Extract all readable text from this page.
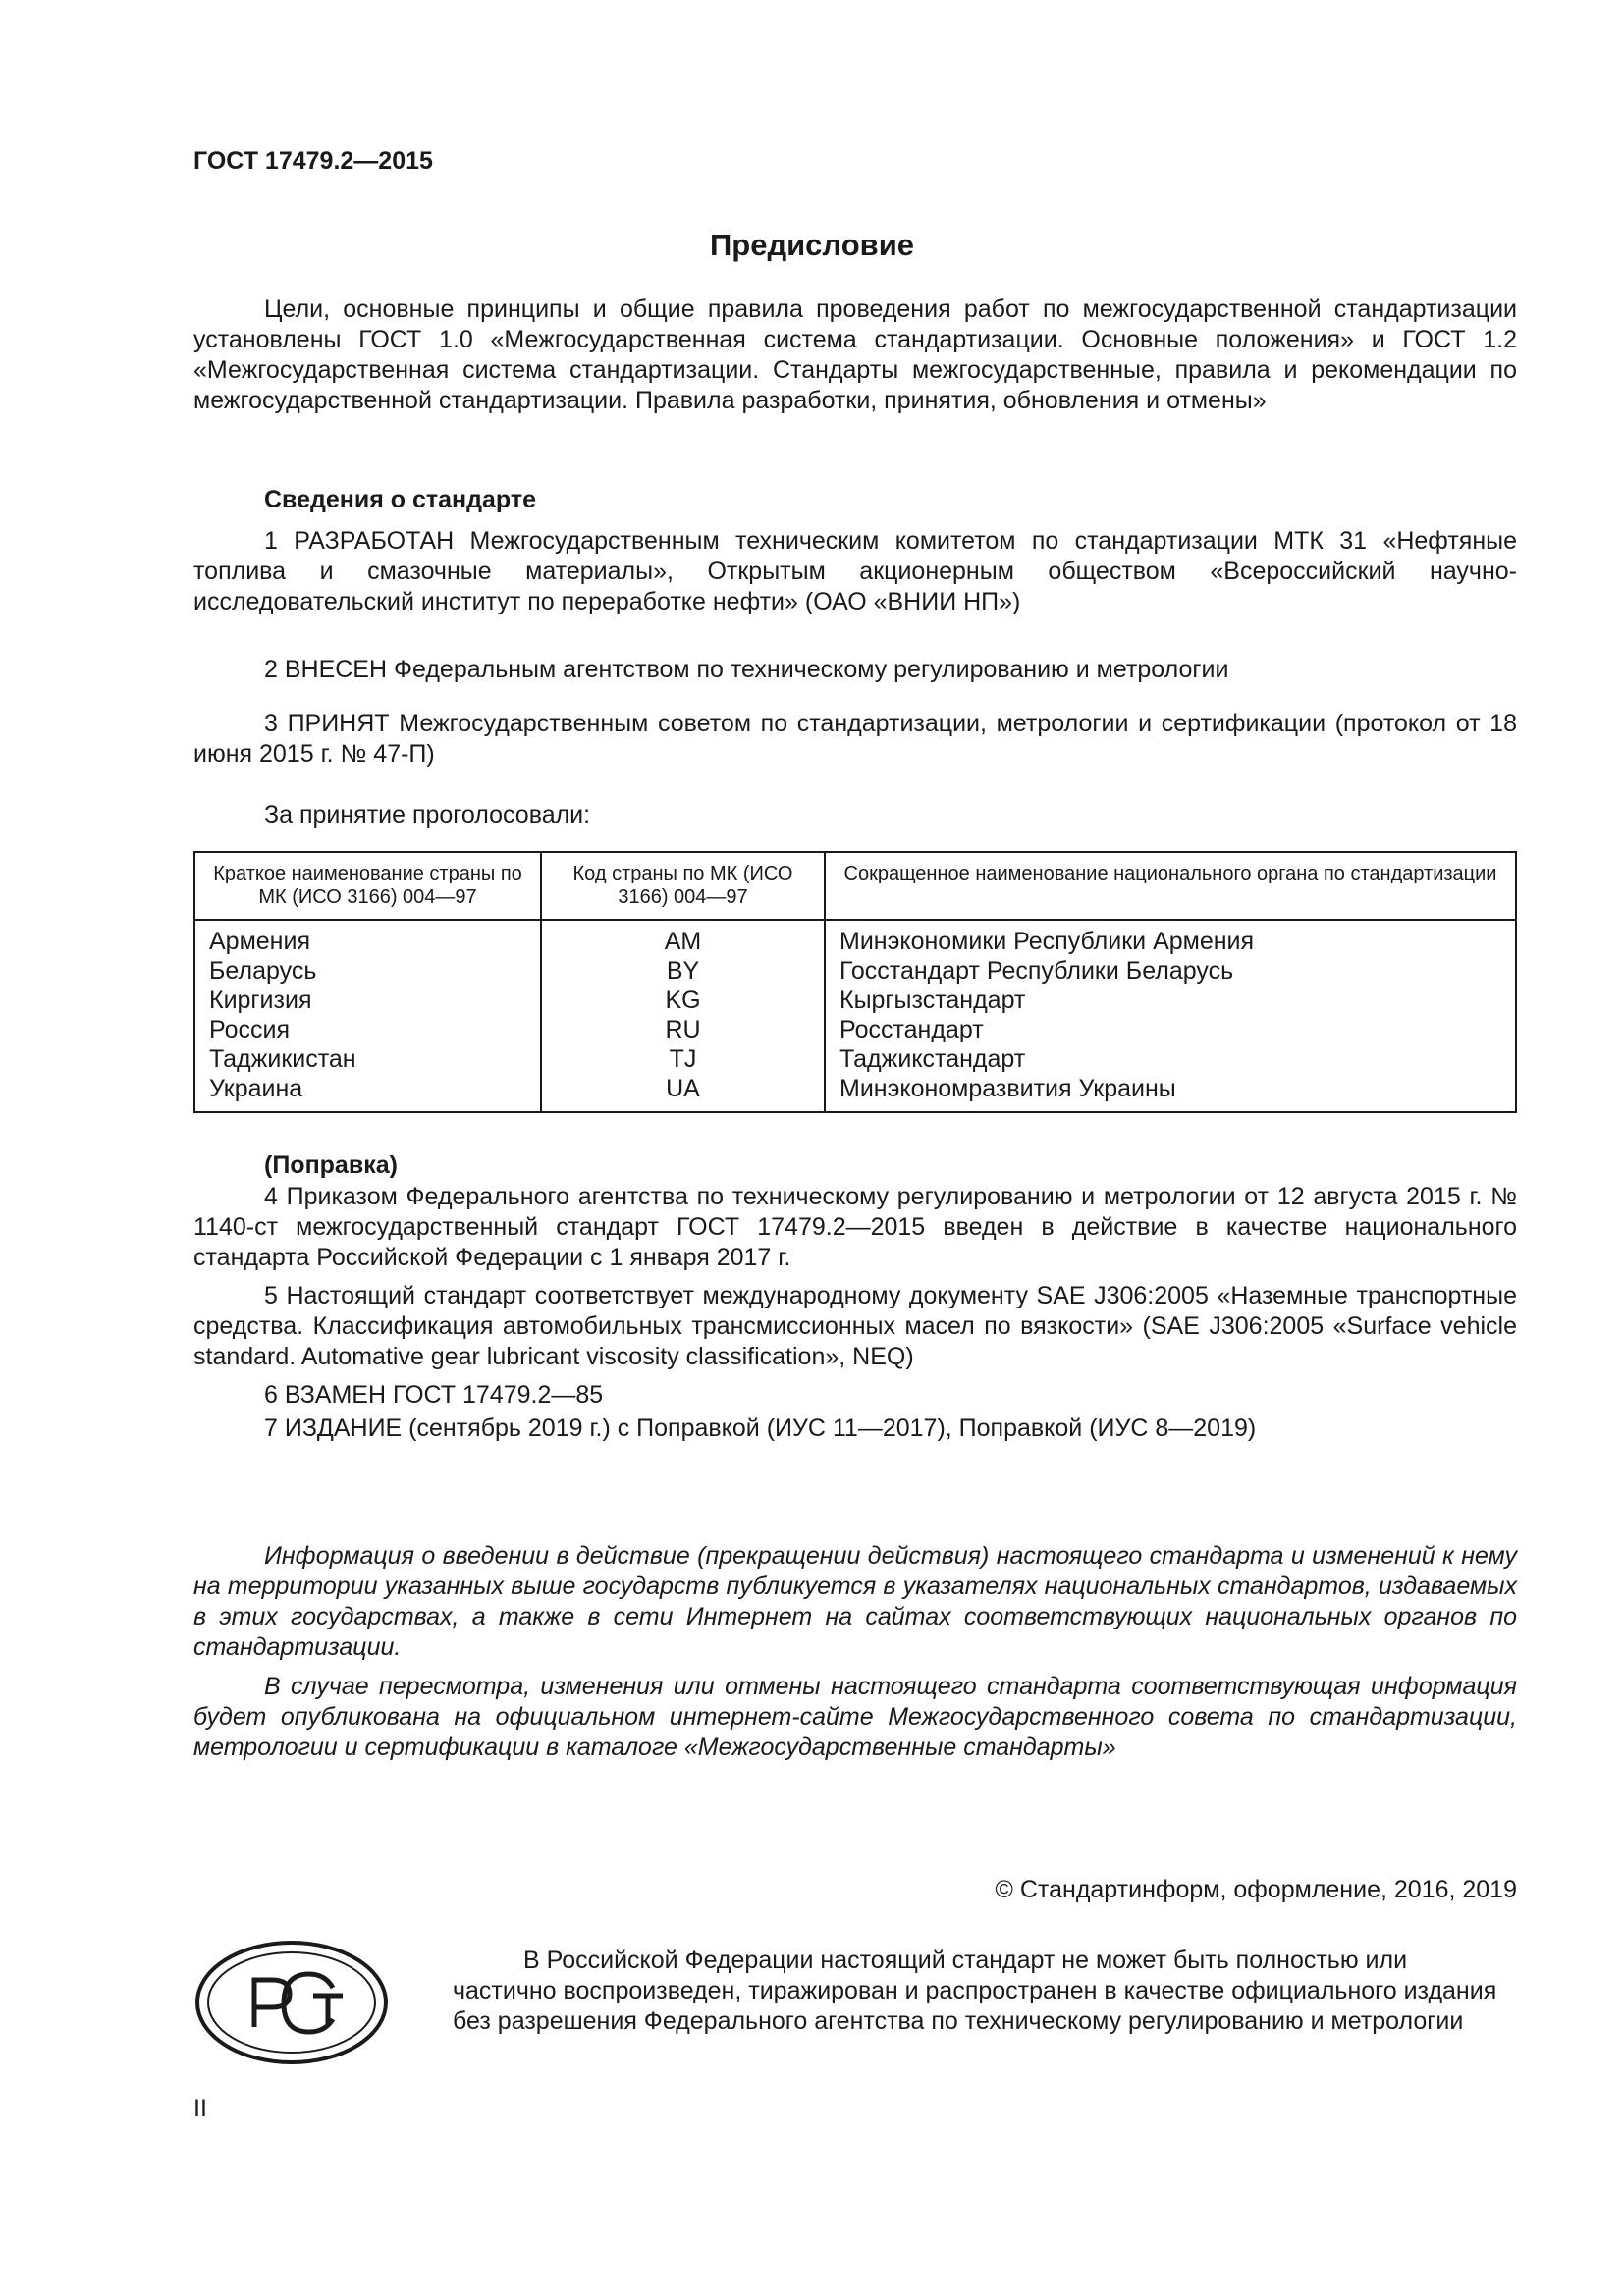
ГОСТ 17479.2—2015
Предисловие
Цели, основные принципы и общие правила проведения работ по межгосударственной стандартизации установлены ГОСТ 1.0 «Межгосударственная система стандартизации. Основные положения» и ГОСТ 1.2 «Межгосударственная система стандартизации. Стандарты межгосударственные, правила и рекомендации по межгосударственной стандартизации. Правила разработки, принятия, обновления и отмены»
Сведения о стандарте
1 РАЗРАБОТАН Межгосударственным техническим комитетом по стандартизации МТК 31 «Нефтяные топлива и смазочные материалы», Открытым акционерным обществом «Всероссийский научно-исследовательский институт по переработке нефти» (ОАО «ВНИИ НП»)
2 ВНЕСЕН Федеральным агентством по техническому регулированию и метрологии
3 ПРИНЯТ Межгосударственным советом по стандартизации, метрологии и сертификации (протокол от 18 июня 2015 г. № 47-П)
За принятие проголосовали:
Краткое наименование страны по МК (ИСО 3166) 004—97	Код страны по МК (ИСО 3166) 004—97	Сокращенное наименование национального органа по стандартизации
Армения	AM	Минэкономики Республики Армения
Беларусь	BY	Госстандарт Республики Беларусь
Киргизия	KG	Кыргызстандарт
Россия	RU	Росстандарт
Таджикистан	TJ	Таджикстандарт
Украина	UA	Минэкономразвития Украины
(Поправка)
4 Приказом Федерального агентства по техническому регулированию и метрологии от 12 августа 2015 г. № 1140-ст межгосударственный стандарт ГОСТ 17479.2—2015 введен в действие в качестве национального стандарта Российской Федерации с 1 января 2017 г.
5 Настоящий стандарт соответствует международному документу SAE J306:2005 «Наземные транспортные средства. Классификация автомобильных трансмиссионных масел по вязкости» (SAE J306:2005 «Surface vehicle standard. Automative gear lubricant viscosity classification», NEQ)
6 ВЗАМЕН ГОСТ 17479.2—85
7 ИЗДАНИЕ (сентябрь 2019 г.) с Поправкой (ИУС 11—2017), Поправкой (ИУС 8—2019)
Информация о введении в действие (прекращении действия) настоящего стандарта и изменений к нему на территории указанных выше государств публикуется в указателях национальных стандартов, издаваемых в этих государствах, а также в сети Интернет на сайтах соответствующих национальных органов по стандартизации.
В случае пересмотра, изменения или отмены настоящего стандарта соответствующая информация будет опубликована на официальном интернет-сайте Межгосударственного совета по стандартизации, метрологии и сертификации в каталоге «Межгосударственные стандарты»
© Стандартинформ, оформление, 2016, 2019
В Российской Федерации настоящий стандарт не может быть полностью или частично воспроизведен, тиражирован и распространен в качестве официального издания без разрешения Федерального агентства по техническому регулированию и метрологии
II
